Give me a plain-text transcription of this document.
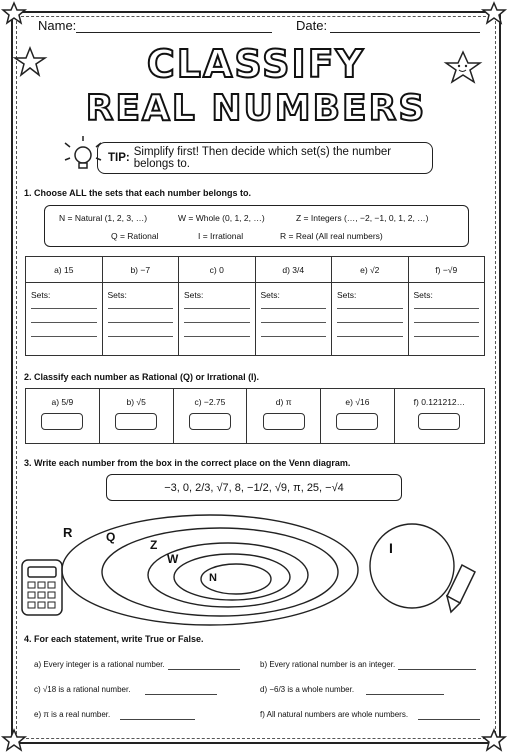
Name:	Date:
CLASSIFY
REAL NUMBERS
TIP: Simplify first! Then decide which set(s) the number belongs to.
1. Choose ALL the sets that each number belongs to.
N = Natural (1, 2, 3, …)	W = Whole (0, 1, 2, …)	Z = Integers (…, −2, −1, 0, 1, 2, …)
Q = Rational	I = Irrational	R = Real (All real numbers)
a) 15	b) −7	c) 0	d) 3/4	e) √2	f) −√9

Sets:	Sets:	Sets:	Sets:	Sets:	Sets:
2. Classify each number as Rational (Q) or Irrational (I).
a) 5/9	b) √5	c) −2.75	d) π	e) √16	f) 0.121212…
3. Write each number from the box in the correct place on the Venn diagram.
−3, 0, 2/3, √7, 8, −1/2, √9, π, 25, −√4
R	Q
Z
W
N
I
4. For each statement, write True or False.
a) Every integer is a rational number.	b) Every rational number is an integer.
c) √18 is a rational number.	d) −6/3 is a whole number.
e) π is a real number.	f) All natural numbers are whole numbers.
